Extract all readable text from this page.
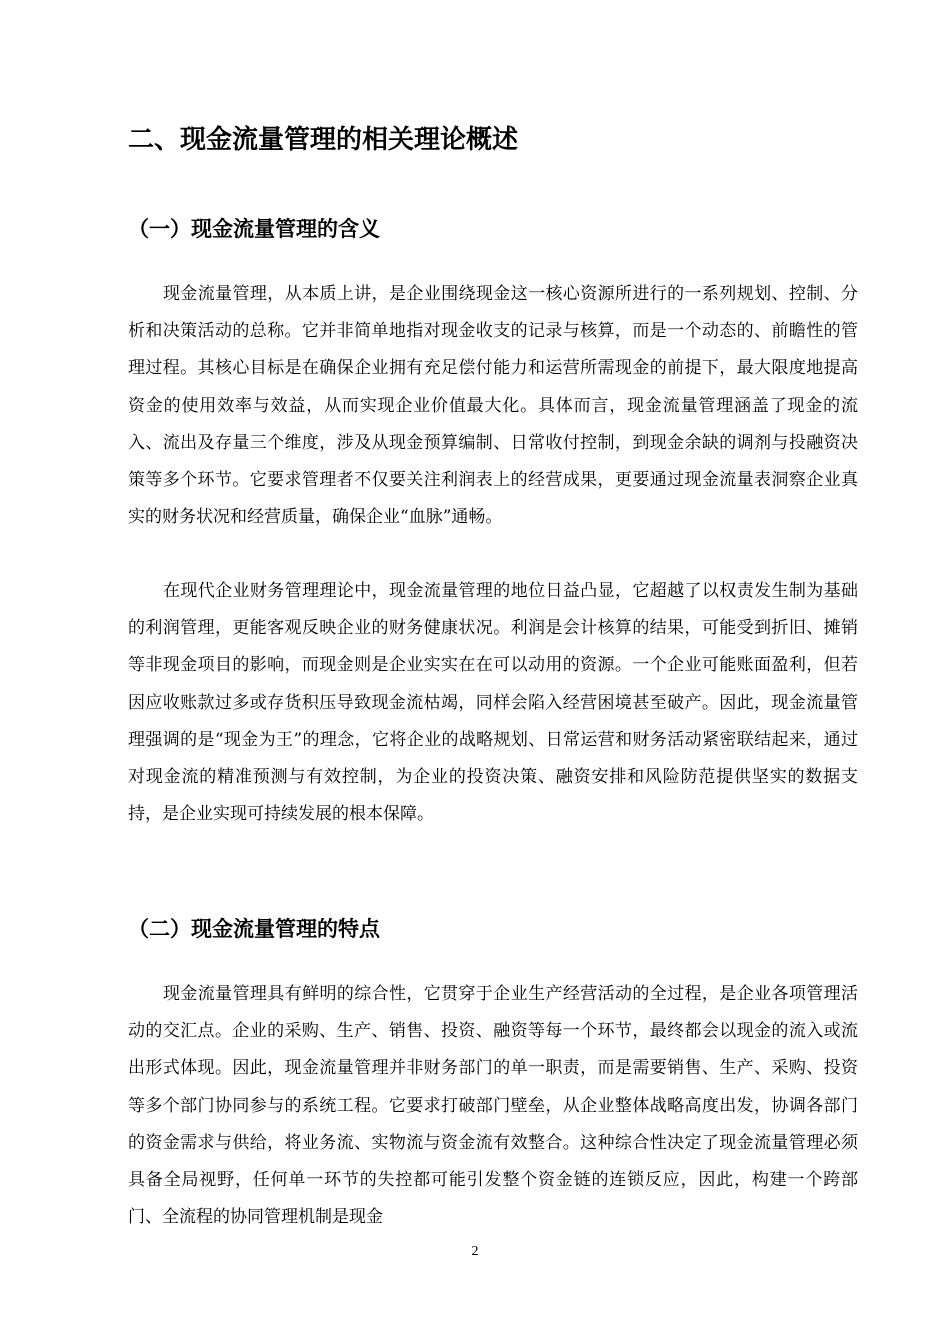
二、现金流量管理的相关理论概述
（一）现金流量管理的含义

现金流量管理，从本质上讲，是企业围绕现金这一核心资源所进行的一系列规划、控制、分析和决策活动的总称。它并非简单地指对现金收支的记录与核算，而是一个动态的、前瞻性的管理过程。其核心目标是在确保企业拥有充足偿付能力和运营所需现金的前提下，最大限度地提高资金的使用效率与效益，从而实现企业价值最大化。具体而言，现金流量管理涵盖了现金的流入、流出及存量三个维度，涉及从现金预算编制、日常收付控制，到现金余缺的调剂与投融资决策等多个环节。它要求管理者不仅要关注利润表上的经营成果，更要通过现金流量表洞察企业真实的财务状况和经营质量，确保企业“血脉”通畅。

在现代企业财务管理理论中，现金流量管理的地位日益凸显，它超越了以权责发生制为基础的利润管理，更能客观反映企业的财务健康状况。利润是会计核算的结果，可能受到折旧、摊销等非现金项目的影响，而现金则是企业实实在在可以动用的资源。一个企业可能账面盈利，但若因应收账款过多或存货积压导致现金流枯竭，同样会陷入经营困境甚至破产。因此，现金流量管理强调的是“现金为王”的理念，它将企业的战略规划、日常运营和财务活动紧密联结起来，通过对现金流的精准预测与有效控制，为企业的投资决策、融资安排和风险防范提供坚实的数据支持，是企业实现可持续发展的根本保障。

（二）现金流量管理的特点

现金流量管理具有鲜明的综合性，它贯穿于企业生产经营活动的全过程，是企业各项管理活动的交汇点。企业的采购、生产、销售、投资、融资等每一个环节，最终都会以现金的流入或流出形式体现。因此，现金流量管理并非财务部门的单一职责，而是需要销售、生产、采购、投资等多个部门协同参与的系统工程。它要求打破部门壁垒，从企业整体战略高度出发，协调各部门的资金需求与供给，将业务流、实物流与资金流有效整合。这种综合性决定了现金流量管理必须具备全局视野，任何单一环节的失控都可能引发整个资金链的连锁反应，因此，构建一个跨部门、全流程的协同管理机制是现金

2
